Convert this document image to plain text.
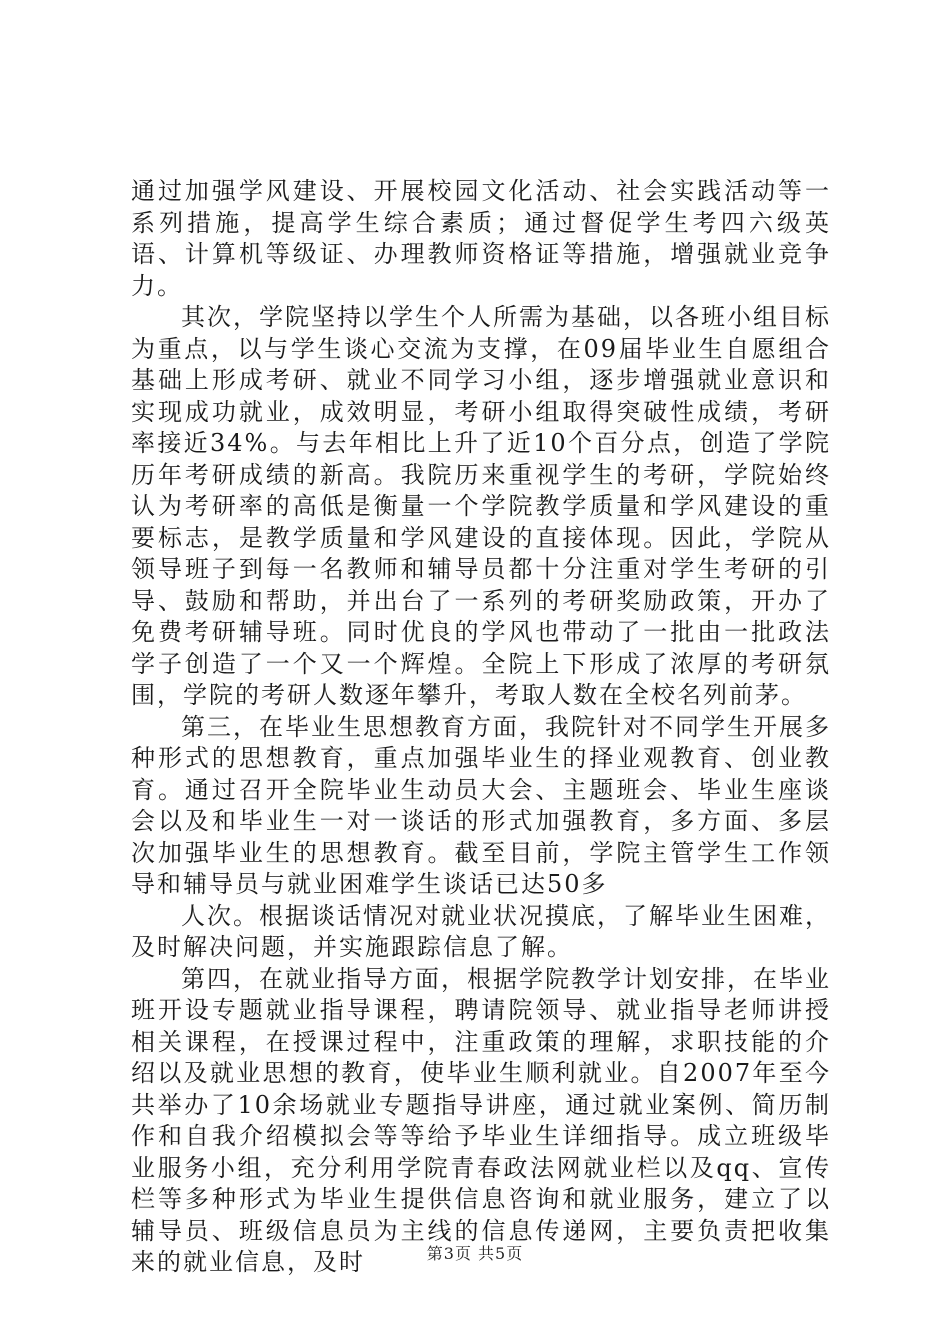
通过加强学风建设、开展校园文化活动、社会实践活动等一系列措施，提高学生综合素质；通过督促学生考四六级英语、计算机等级证、办理教师资格证等措施，增强就业竞争力。

其次，学院坚持以学生个人所需为基础，以各班小组目标为重点，以与学生谈心交流为支撑，在09届毕业生自愿组合基础上形成考研、就业不同学习小组，逐步增强就业意识和实现成功就业，成效明显，考研小组取得突破性成绩，考研率接近34%。与去年相比上升了近10个百分点，创造了学院历年考研成绩的新高。我院历来重视学生的考研，学院始终认为考研率的高低是衡量一个学院教学质量和学风建设的重要标志，是教学质量和学风建设的直接体现。因此，学院从领导班子到每一名教师和辅导员都十分注重对学生考研的引导、鼓励和帮助，并出台了一系列的考研奖励政策，开办了免费考研辅导班。同时优良的学风也带动了一批由一批政法学子创造了一个又一个辉煌。全院上下形成了浓厚的考研氛围，学院的考研人数逐年攀升，考取人数在全校名列前茅。

第三，在毕业生思想教育方面，我院针对不同学生开展多种形式的思想教育，重点加强毕业生的择业观教育、创业教育。通过召开全院毕业生动员大会、主题班会、毕业生座谈会以及和毕业生一对一谈话的形式加强教育，多方面、多层次加强毕业生的思想教育。截至目前，学院主管学生工作领导和辅导员与就业困难学生谈话已达50多

人次。根据谈话情况对就业状况摸底，了解毕业生困难，及时解决问题，并实施跟踪信息了解。

第四，在就业指导方面，根据学院教学计划安排，在毕业班开设专题就业指导课程，聘请院领导、就业指导老师讲授相关课程，在授课过程中，注重政策的理解，求职技能的介绍以及就业思想的教育，使毕业生顺利就业。自2007年至今共举办了10余场就业专题指导讲座，通过就业案例、简历制作和自我介绍模拟会等等给予毕业生详细指导。成立班级毕业服务小组，充分利用学院青春政法网就业栏以及qq、宣传栏等多种形式为毕业生提供信息咨询和就业服务，建立了以辅导员、班级信息员为主线的信息传递网，主要负责把收集来的就业信息，及时	第3页 共5页
